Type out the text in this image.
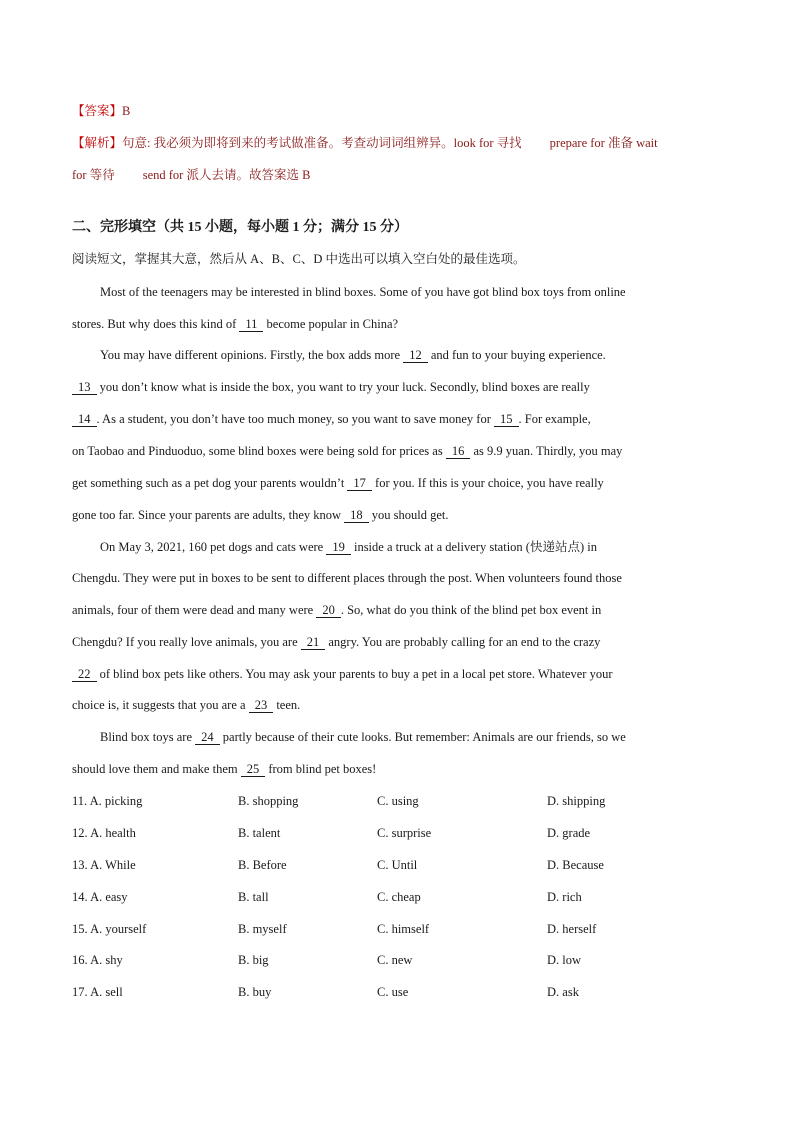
【答案】B
【解析】句意: 我必须为即将到来的考试做准备。考查动词词组辨异。look for 寻找 prepare for 准备 wait
for 等待 send for 派人去请。故答案选 B
二、完形填空（共 15 小题，每小题 1 分；满分 15 分）
阅读短文，掌握其大意，然后从 A、B、C、D 中选出可以填入空白处的最佳选项。
Most of the teenagers may be interested in blind boxes. Some of you have got blind box toys from online
stores. But why does this kind of 11 become popular in China?
You may have different opinions. Firstly, the box adds more 12 and fun to your buying experience.
13 you don’t know what is inside the box, you want to try your luck. Secondly, blind boxes are really
14 . As a student, you don’t have too much money, so you want to save money for 15 . For example,
on Taobao and Pinduoduo, some blind boxes were being sold for prices as 16 as 9.9 yuan. Thirdly, you may
get something such as a pet dog your parents wouldn’t 17 for you. If this is your choice, you have really
gone too far. Since your parents are adults, they know 18 you should get.
On May 3, 2021, 160 pet dogs and cats were 19 inside a truck at a delivery station (快递站点) in
Chengdu. They were put in boxes to be sent to different places through the post. When volunteers found those
animals, four of them were dead and many were 20 . So, what do you think of the blind pet box event in
Chengdu? If you really love animals, you are 21 angry. You are probably calling for an end to the crazy
22 of blind box pets like others. You may ask your parents to buy a pet in a local pet store. Whatever your
choice is, it suggests that you are a 23 teen.
Blind box toys are 24 partly because of their cute looks. But remember: Animals are our friends, so we
should love them and make them 25 from blind pet boxes!
11. A. picking	B. shopping	C. using	D. shipping
12. A. health	B. talent	C. surprise	D. grade
13. A. While	B. Before	C. Until	D. Because
14. A. easy	B. tall	C. cheap	D. rich
15. A. yourself	B. myself	C. himself	D. herself
16. A. shy	B. big	C. new	D. low
17. A. sell	B. buy	C. use	D. ask
